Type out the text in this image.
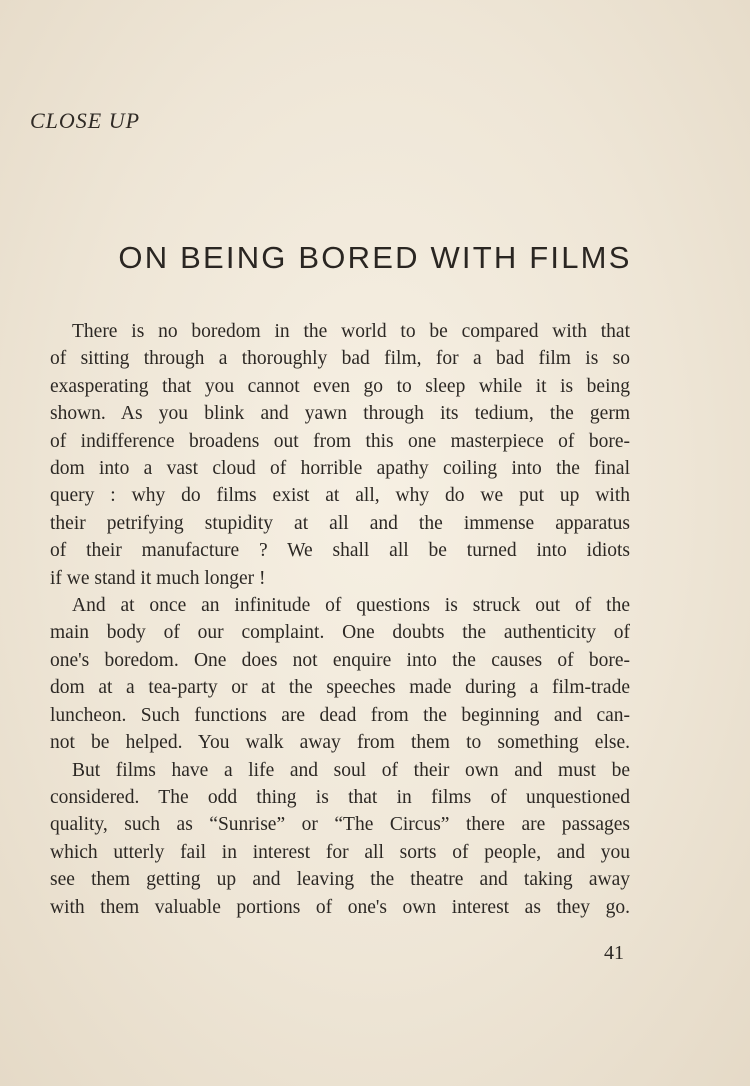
CLOSE UP
ON BEING BORED WITH FILMS
There is no boredom in the world to be compared with that
of sitting through a thoroughly bad film, for a bad film is so
exasperating that you cannot even go to sleep while it is being
shown. As you blink and yawn through its tedium, the germ
of indifference broadens out from this one masterpiece of bore-
dom into a vast cloud of horrible apathy coiling into the final
query : why do films exist at all, why do we put up with
their petrifying stupidity at all and the immense apparatus
of their manufacture ? We shall all be turned into idiots
if we stand it much longer !
And at once an infinitude of questions is struck out of the
main body of our complaint. One doubts the authenticity of
one's boredom. One does not enquire into the causes of bore-
dom at a tea-party or at the speeches made during a film-trade
luncheon. Such functions are dead from the beginning and can-
not be helped. You walk away from them to something else.
But films have a life and soul of their own and must be
considered. The odd thing is that in films of unquestioned
quality, such as “Sunrise” or “The Circus” there are passages
which utterly fail in interest for all sorts of people, and you
see them getting up and leaving the theatre and taking away
with them valuable portions of one's own interest as they go.
41
